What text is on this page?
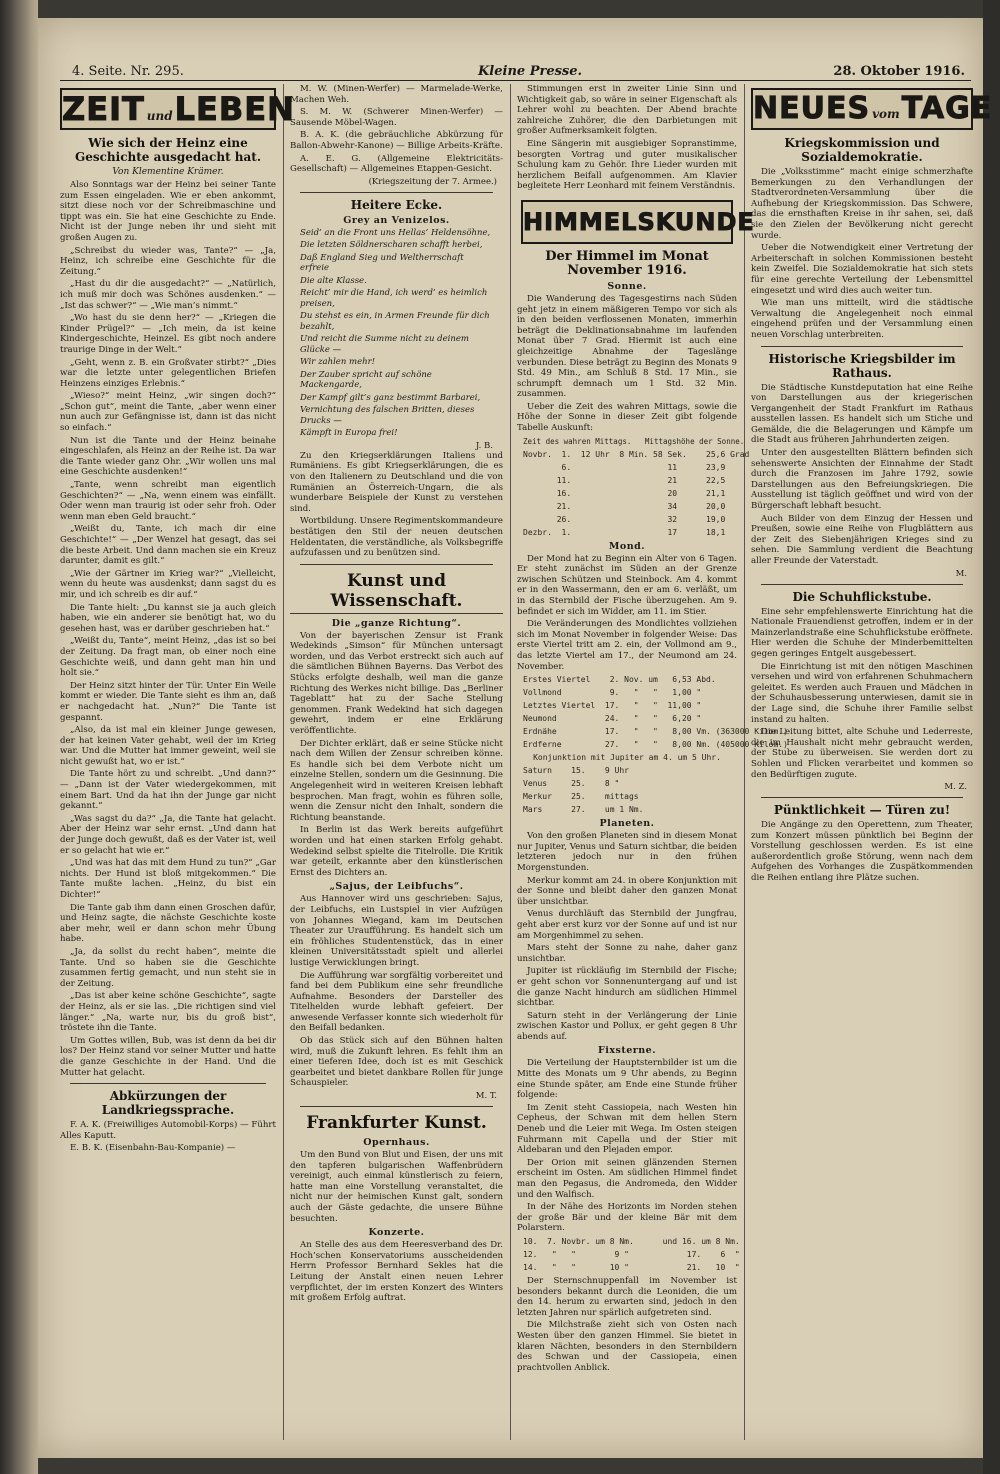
4. Seite. Nr. 295.	Kleine Presse.	28. Oktober 1916.
ZEIT undLEBEN
Wie sich der Heinz eine Geschichte ausgedacht hat.
Von Klementine Krämer.

Also Sonntags war der Heinz bei seiner Tante zum Essen eingeladen. Wie er eben ankommt, sitzt diese noch vor der Schreibmaschine und tippt was ein. Sie hat eine Geschichte zu Ende. Nicht ist der Junge neben ihr und sieht mit großen Augen zu.

„Schreibst du wieder was, Tante?“ — „Ja, Heinz, ich schreibe eine Geschichte für die Zeitung.“

„Hast du dir die ausgedacht?“ — „Natürlich, ich muß mir doch was Schönes ausdenken.“ — „Ist das schwer?“ — „Wie man’s nimmt.“

„Wo hast du sie denn her?“ — „Kriegen die Kinder Prügel?“ — „Ich mein, da ist keine Kindergeschichte, Heinzel. Es gibt noch andere traurige Dinge in der Welt.“

„Geht, wenn z. B. ein Großvater stirbt?“ „Dies war die letzte unter gelegentlichen Briefen Heinzens einziges Erlebnis.“

„Wieso?“ meint Heinz, „wir singen doch?“ „Schon gut“, meint die Tante, „aber wenn einer nun auch zur Gefängnisse ist, dann ist das nicht so einfach.“

Nun ist die Tante und der Heinz beinahe eingeschlafen, als Heinz an der Reihe ist. Da war die Tante wieder ganz Ohr. „Wir wollen uns mal eine Geschichte ausdenken!“

„Tante, wenn schreibt man eigentlich Geschichten?“ — „Na, wenn einem was einfällt. Oder wenn man traurig ist oder sehr froh. Oder wenn man eben Geld braucht.“

„Weißt du, Tante, ich mach dir eine Geschichte!“ — „Der Wenzel hat gesagt, das sei die beste Arbeit. Und dann machen sie ein Kreuz darunter, damit es gilt.“

„Wie der Gärtner im Krieg war?“ „Vielleicht, wenn du heute was ausdenkst; dann sagst du es mir, und ich schreib es dir auf.“

Die Tante hielt: „Du kannst sie ja auch gleich haben, wie ein anderer sie benötigt hat, wo du gesehen hast, was er darüber geschrieben hat.“

„Weißt du, Tante“, meint Heinz, „das ist so bei der Zeitung. Da fragt man, ob einer noch eine Geschichte weiß, und dann geht man hin und holt sie.“

Der Heinz sitzt hinter der Tür. Unter Ein Weile kommt er wieder. Die Tante sieht es ihm an, daß er nachgedacht hat. „Nun?“ Die Tante ist gespannt.

„Also, da ist mal ein kleiner Junge gewesen, der hat keinen Vater gehabt, weil der im Krieg war. Und die Mutter hat immer geweint, weil sie nicht gewußt hat, wo er ist.“

Die Tante hört zu und schreibt. „Und dann?“ — „Dann ist der Vater wiedergekommen, mit einem Bart. Und da hat ihn der Junge gar nicht gekannt.“

„Was sagst du da?“ „Ja, die Tante hat gelacht. Aber der Heinz war sehr ernst. „Und dann hat der Junge doch gewußt, daß es der Vater ist, weil er so gelacht hat wie er.“

„Und was hat das mit dem Hund zu tun?“ „Gar nichts. Der Hund ist bloß mitgekommen.“ Die Tante mußte lachen. „Heinz, du bist ein Dichter!“

Die Tante gab ihm dann einen Groschen dafür, und Heinz sagte, die nächste Geschichte koste aber mehr, weil er dann schon mehr Übung habe.

„Ja, da sollst du recht haben“, meinte die Tante. Und so haben sie die Geschichte zusammen fertig gemacht, und nun steht sie in der Zeitung.

„Das ist aber keine schöne Geschichte“, sagte der Heinz, als er sie las. „Die richtigen sind viel länger.“ „Na, warte nur, bis du groß bist“, tröstete ihn die Tante.

Um Gottes willen, Bub, was ist denn da bei dir los? Der Heinz stand vor seiner Mutter und hatte die ganze Geschichte in der Hand. Und die Mutter hat gelacht.

Abkürzungen der Landkriegssprache.

F. A. K. (Freiwilliges Automobil-Korps) — Führt Alles Kaputt.

E. B. K. (Eisenbahn-Bau-Kompanie) —

M. W. (Minen-Werfer) — Marmelade-Werke, Machen Weh.

S. M. W. (Schwerer Minen-Werfer) — Sausende Möbel-Wagen.

B. A. K. (die gebräuchliche Abkürzung für Ballon-Abwehr-Kanone) — Billige Arbeits-Kräfte.

A. E. G. (Allgemeine Elektricitäts-Gesellschaft) — Allgemeines Etappen-Gesicht.

(Kriegszeitung der 7. Armee.)
Heitere Ecke.
Grey an Venizelos.
Seid’ an die Front uns Hellas’ Heldensöhne,
Die letzten Söldnerscharen schafft herbei,
Daß England Sieg und Weltherrschaft erfreie
Die alte Klasse.
Reicht’ mir die Hand, ich werd’ es heimlich preisen,
Du stehst es ein, in Armen Freunde für dich bezahlt,
Und reicht die Summe nicht zu deinem Glücke —
Wir zahlen mehr!
Der Zauber spricht auf schöne Mackengarde,
Der Kampf gilt’s ganz bestimmt Barbarei,
Vernichtung des falschen Britten, dieses Drucks —
Kämpft in Europa frei!
J. B.

Zu den Kriegserklärungen Italiens und Rumäniens. Es gibt Kriegserklärungen, die es von den Italienern zu Deutschland und die von Rumänien an Österreich-Ungarn, die als wunderbare Beispiele der Kunst zu verstehen sind.

Wortbildung. Unsere Regimentskommandeure bestätigen den Stil der neuen deutschen Heldentaten, die verständliche, als Volksbegriffe aufzufassen und zu benützen sind.

Kunst und Wissenschaft.
Die „ganze Richtung“.

Von der bayerischen Zensur ist Frank Wedekinds „Simson“ für München untersagt worden, und das Verbot erstreckt sich auch auf die sämtlichen Bühnen Bayerns. Das Verbot des Stücks erfolgte deshalb, weil man die ganze Richtung des Werkes nicht billige. Das „Berliner Tageblatt“ hat zu der Sache Stellung genommen. Frank Wedekind hat sich dagegen gewehrt, indem er eine Erklärung veröffentlichte.

Der Dichter erklärt, daß er seine Stücke nicht nach dem Willen der Zensur schreiben könne. Es handle sich bei dem Verbote nicht um einzelne Stellen, sondern um die Gesinnung. Die Angelegenheit wird in weiteren Kreisen lebhaft besprochen. Man fragt, wohin es führen solle, wenn die Zensur nicht den Inhalt, sondern die Richtung beanstande.

In Berlin ist das Werk bereits aufgeführt worden und hat einen starken Erfolg gehabt. Wedekind selbst spielte die Titelrolle. Die Kritik war geteilt, erkannte aber den künstlerischen Ernst des Dichters an.

„Sajus, der Leibfuchs“.

Aus Hannover wird uns geschrieben: Sajus, der Leibfuchs, ein Lustspiel in vier Aufzügen von Johannes Wiegand, kam im Deutschen Theater zur Uraufführung. Es handelt sich um ein fröhliches Studentenstück, das in einer kleinen Universitätsstadt spielt und allerlei lustige Verwicklungen bringt.

Die Aufführung war sorgfältig vorbereitet und fand bei dem Publikum eine sehr freundliche Aufnahme. Besonders der Darsteller des Titelhelden wurde lebhaft gefeiert. Der anwesende Verfasser konnte sich wiederholt für den Beifall bedanken.

Ob das Stück sich auf den Bühnen halten wird, muß die Zukunft lehren. Es fehlt ihm an einer tieferen Idee, doch ist es mit Geschick gearbeitet und bietet dankbare Rollen für junge Schauspieler.

M. T.
Frankfurter Kunst.
Opernhaus.

Um den Bund von Blut und Eisen, der uns mit den tapferen bulgarischen Waffenbrüdern vereinigt, auch einmal künstlerisch zu feiern, hatte man eine Vorstellung veranstaltet, die nicht nur der heimischen Kunst galt, sondern auch der Gäste gedachte, die unsere Bühne besuchten.

Konzerte.

An Stelle des aus dem Heeresverband des Dr. Hoch’schen Konservatoriums ausscheidenden Herrn Professor Bernhard Sekles hat die Leitung der Anstalt einen neuen Lehrer verpflichtet, der im ersten Konzert des Winters mit großem Erfolg auftrat.

Stimmungen erst in zweiter Linie Sinn und Wichtigkeit gab, so wäre in seiner Eigenschaft als Lehrer wohl zu beachten. Der Abend brachte zahlreiche Zuhörer, die den Darbietungen mit großer Aufmerksamkeit folgten.

Eine Sängerin mit ausgiebiger Sopranstimme, besorgten Vortrag und guter musikalischer Schulung kam zu Gehör. Ihre Lieder wurden mit herzlichem Beifall aufgenommen. Am Klavier begleitete Herr Leonhard mit feinem Verständnis.

HIMMELSKUNDE
Der Himmel im Monat November 1916.
Sonne.

Die Wanderung des Tagesgestirns nach Süden geht jetz in einem mäßigeren Tempo vor sich als in den beiden verflossenen Monaten, immerhin beträgt die Deklinationsabnahme im laufenden Monat über 7 Grad. Hiermit ist auch eine gleichzeitige Abnahme der Tageslänge verbunden. Diese beträgt zu Beginn des Monats 9 Std. 49 Min., am Schluß 8 Std. 17 Min., sie schrumpft demnach um 1 Std. 32 Min. zusammen.

Ueber die Zeit des wahren Mittags, sowie die Höhe der Sonne in dieser Zeit gibt folgende Tabelle Auskunft:

Zeit des wahren Mittags.   Mittagshöhe der Sonne.
Novbr.  1.  12 Uhr  8 Min. 58 Sek.    25,6 Grad
6.                    11      23,9
11.                    21      22,5
16.                    20      21,1
21.                    34      20,0
26.                    32      19,0
Dezbr.  1.                    17      18,1
Mond.

Der Mond hat zu Beginn ein Alter von 6 Tagen. Er steht zunächst im Süden an der Grenze zwischen Schützen und Steinbock. Am 4. kommt er in den Wassermann, den er am 6. verläßt, um in das Sternbild der Fische überzugehen. Am 9. befindet er sich im Widder, am 11. im Stier.

Die Veränderungen des Mondlichtes vollziehen sich im Monat November in folgender Weise: Das erste Viertel tritt am 2. ein, der Vollmond am 9., das letzte Viertel am 17., der Neumond am 24. November.

Erstes Viertel    2. Nov. um   6,53 Abd.
Vollmond          9.   "   "   1,00 "
Letztes Viertel  17.   "   "  11,00 "
Neumond          24.   "   "   6,20 "
Erdnähe          17.   "   "   8,00 Vm. (363000 Kilom.)
Erdferne         27.   "   "   8,00 Nm. (405000 Kilom.)
Konjunktion mit Jupiter am 4. um 5 Uhr.
Saturn    15.    9 Uhr
Venus     25.    8 "
Merkur    25.    mittags
Mars      27.    um 1 Nm.
Planeten.

Von den großen Planeten sind in diesem Monat nur Jupiter, Venus und Saturn sichtbar, die beiden letzteren jedoch nur in den frühen Morgenstunden.

Merkur kommt am 24. in obere Konjunktion mit der Sonne und bleibt daher den ganzen Monat über unsichtbar.

Venus durchläuft das Sternbild der Jungfrau, geht aber erst kurz vor der Sonne auf und ist nur am Morgenhimmel zu sehen.

Mars steht der Sonne zu nahe, daher ganz unsichtbar.

Jupiter ist rückläufig im Sternbild der Fische; er geht schon vor Sonnenuntergang auf und ist die ganze Nacht hindurch am südlichen Himmel sichtbar.

Saturn steht in der Verlängerung der Linie zwischen Kastor und Pollux, er geht gegen 8 Uhr abends auf.

Fixsterne.

Die Verteilung der Hauptsternbilder ist um die Mitte des Monats um 9 Uhr abends, zu Beginn eine Stunde später, am Ende eine Stunde früher folgende:

Im Zenit steht Cassiopeia, nach Westen hin Cepheus, der Schwan mit dem hellen Stern Deneb und die Leier mit Wega. Im Osten steigen Fuhrmann mit Capella und der Stier mit Aldebaran und den Plejaden empor.

Der Orion mit seinen glänzenden Sternen erscheint im Osten. Am südlichen Himmel findet man den Pegasus, die Andromeda, den Widder und den Walfisch.

In der Nähe des Horizonts im Norden stehen der große Bär und der kleine Bär mit dem Polarstern.

10.  7. Novbr. um 8 Nm.      und 16. um 8 Nm.
12.   "   "        9 "            17.    6  "
14.   "   "       10 "            21.   10  "

Der Sternschnuppenfall im November ist besonders bekannt durch die Leoniden, die um den 14. herum zu erwarten sind, jedoch in den letzten Jahren nur spärlich aufgetreten sind.

Die Milchstraße zieht sich von Osten nach Westen über den ganzen Himmel. Sie bietet in klaren Nächten, besonders in den Sternbildern des Schwan und der Cassiopeia, einen prachtvollen Anblick.

NEUES vomTAGE
Kriegskommission und Sozialdemokratie.

Die „Volksstimme“ macht einige schmerzhafte Bemerkungen zu den Verhandlungen der Stadtverordneten-Versammlung über die Aufhebung der Kriegskommission. Das Schwere, das die ernsthaften Kreise in ihr sahen, sei, daß sie den Zielen der Bevölkerung nicht gerecht wurde.

Ueber die Notwendigkeit einer Vertretung der Arbeiterschaft in solchen Kommissionen besteht kein Zweifel. Die Sozialdemokratie hat sich stets für eine gerechte Verteilung der Lebensmittel eingesetzt und wird dies auch weiter tun.

Wie man uns mitteilt, wird die städtische Verwaltung die Angelegenheit noch einmal eingehend prüfen und der Versammlung einen neuen Vorschlag unterbreiten.

Historische Kriegsbilder im Rathaus.

Die Städtische Kunstdeputation hat eine Reihe von Darstellungen aus der kriegerischen Vergangenheit der Stadt Frankfurt im Rathaus ausstellen lassen. Es handelt sich um Stiche und Gemälde, die die Belagerungen und Kämpfe um die Stadt aus früheren Jahrhunderten zeigen.

Unter den ausgestellten Blättern befinden sich sehenswerte Ansichten der Einnahme der Stadt durch die Franzosen im Jahre 1792, sowie Darstellungen aus den Befreiungskriegen. Die Ausstellung ist täglich geöffnet und wird von der Bürgerschaft lebhaft besucht.

Auch Bilder von dem Einzug der Hessen und Preußen, sowie eine Reihe von Flugblättern aus der Zeit des Siebenjährigen Krieges sind zu sehen. Die Sammlung verdient die Beachtung aller Freunde der Vaterstadt.

M.
Die Schuhflickstube.

Eine sehr empfehlenswerte Einrichtung hat die Nationale Frauendienst getroffen, indem er in der Mainzerlandstraße eine Schuhflickstube eröffnete. Hier werden die Schuhe der Minderbemittelten gegen geringes Entgelt ausgebessert.

Die Einrichtung ist mit den nötigen Maschinen versehen und wird von erfahrenen Schuhmachern geleitet. Es werden auch Frauen und Mädchen in der Schuhausbesserung unterwiesen, damit sie in der Lage sind, die Schuhe ihrer Familie selbst instand zu halten.

Die Leitung bittet, alte Schuhe und Lederreste, die im Haushalt nicht mehr gebraucht werden, der Stube zu überweisen. Sie werden dort zu Sohlen und Flicken verarbeitet und kommen so den Bedürftigen zugute.

M. Z.
Pünktlichkeit — Türen zu!

Die Angänge zu den Operettenn, zum Theater, zum Konzert müssen pünktlich bei Beginn der Vorstellung geschlossen werden. Es ist eine außerordentlich große Störung, wenn nach dem Aufgehen des Vorhanges die Zuspätkommenden die Reihen entlang ihre Plätze suchen.
